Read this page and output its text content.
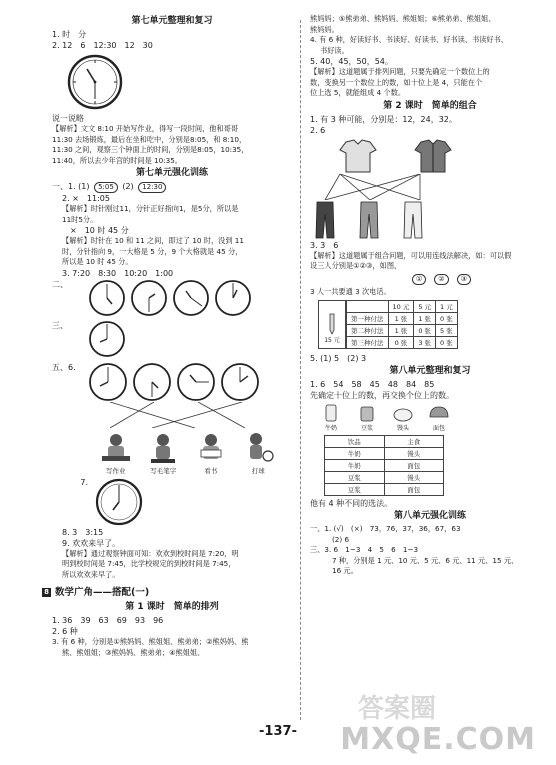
第七单元整理和复习
1. 时　分
2. 12　6　12:30　12　30
说一说略
【解析】文文 8:10 开始写作业，得写一段时间，他和哥哥
11:30 去场锻炼，最后在坐和吃中，分别是8:05，和 8:10，
11:30 之间，观察三个钟面上的时间，分别是8:05，10:35，
11:40，所以去少年宫的时间是 10:35。
第七单元强化训练
一、1. (1) 5:05 (2) 12:30
2. ×　11:05
【解析】时针刚过11，分针正好指向1，是5分，所以是
11时5分。
×　10 时 45 分
【解析】时针在 10 和 11 之间，即过了 10 时，没到 11
时，分针指向 9，一大格是 5 分，9 个大格就是 45 分，
所以是 10 时 45 分。
3. 7:20　8:30　10:20　1:00
二、
三、
五、6.
写作业	写毛笔字	看书	打球
7.
8. 3　3:15
9. 欢欢来早了。
【解析】通过观察钟面可知：欢欢到校时间是 7:20，明
明到校时间是 7:45，比学校规定的到校时间是 7:45，
所以欢欢来早了。
8 数学广角——搭配(一)
第 1 课时　简单的排列
1. 36　39　63　69　93　96
2. 6 种
3. 有 6 种，分别是①熊妈妈、熊姐姐、熊弟弟；②熊妈妈、熊
熊、熊姐姐；③熊妈妈、熊弟弟；④熊姐姐、
熊妈妈；⑤熊弟弟、熊妈妈、熊姐姐；⑥熊弟弟、熊姐姐、
熊妈妈。
4. 有 6 种，好读好书、书读好、好读书、好书读、书读好书、
书好读。
5. 40，45，50，54。
【解析】这道题属于排列问题，只要先确定一个数位上的
数，变换另一个数位上的数，如十位上是 4，只能在个
位上选 5，就能组成 4 个数。
第 2 课时　简单的组合
1. 有 3 种可能，分别是：12，24，32。
2. 6
3. 3　6
【解析】这道题属于组合问题，可以用连线法解决，如：可以假
设三人分别是①②③，如图，
①	②	③
3 人一共要通 3 次电话。
15 元
	10 元	5 元	1 元
第一种付法	1 张	1 张	0 张
第二种付法	1 张	0 张	5 张
第三种付法	0 张	3 张	0 张
5. (1) 5　(2) 3
第八单元整理和复习
1. 6　54　58　45　48　84　85
先确定十位上的数，再交换个位上的数。
牛奶	豆浆	馒头	面包
饮品	主食
牛奶	馒头
牛奶	面包
豆浆	馒头
豆浆	面包
他有 4 种不同的选法。
第八单元强化训练
一、1. (√)　(×)　73，76，37，36，67，63
(2) 6
三、3. 6　1~3　4　5　6　1~3
7 种，分别是 1 元、10 元、5 元、6 元、11 元、15 元、
16 元。
-137-
答案圈
MXQE.COM
